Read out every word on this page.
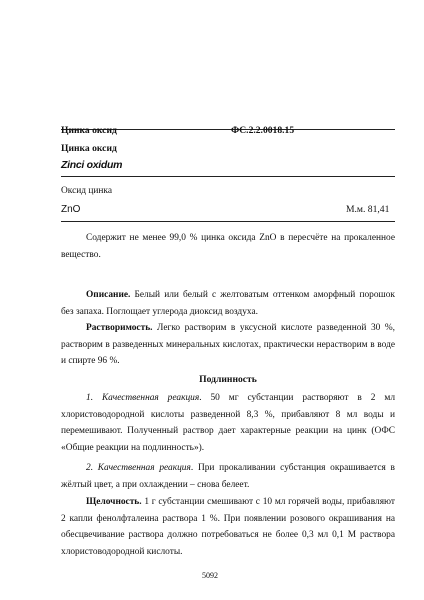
Цинка оксид	ФС.2.2.0018.15
Цинка оксид
Zinci oxidum
Оксид цинка
ZnO	М.м. 81,41

Содержит не менее 99,0 % цинка оксида ZnO в пересчёте на прокаленное вещество.

Описание. Белый или белый с желтоватым оттенком аморфный порошок без запаха. Поглощает углерода диоксид воздуха.

Растворимость. Легко растворим в уксусной кислоте разведенной 30 %, растворим в разведенных минеральных кислотах, практически нерастворим в воде и спирте 96 %.

Подлинность

1. Качественная реакция. 50 мг субстанции растворяют в 2 мл хлористоводородной кислоты разведенной 8,3 %, прибавляют 8 мл воды и перемешивают. Полученный раствор дает характерные реакции на цинк (ОФС «Общие реакции на подлинность»).

2. Качественная реакция. При прокаливании субстанция окрашивается в жёлтый цвет, а при охлаждении – снова белеет.

Щелочность. 1 г субстанции смешивают с 10 мл горячей воды, прибавляют 2 капли фенолфталеина раствора 1 %. При появлении розового окрашивания на обесцвечивание раствора должно потребоваться не более 0,3 мл 0,1 М раствора хлористоводородной кислоты.

5092
